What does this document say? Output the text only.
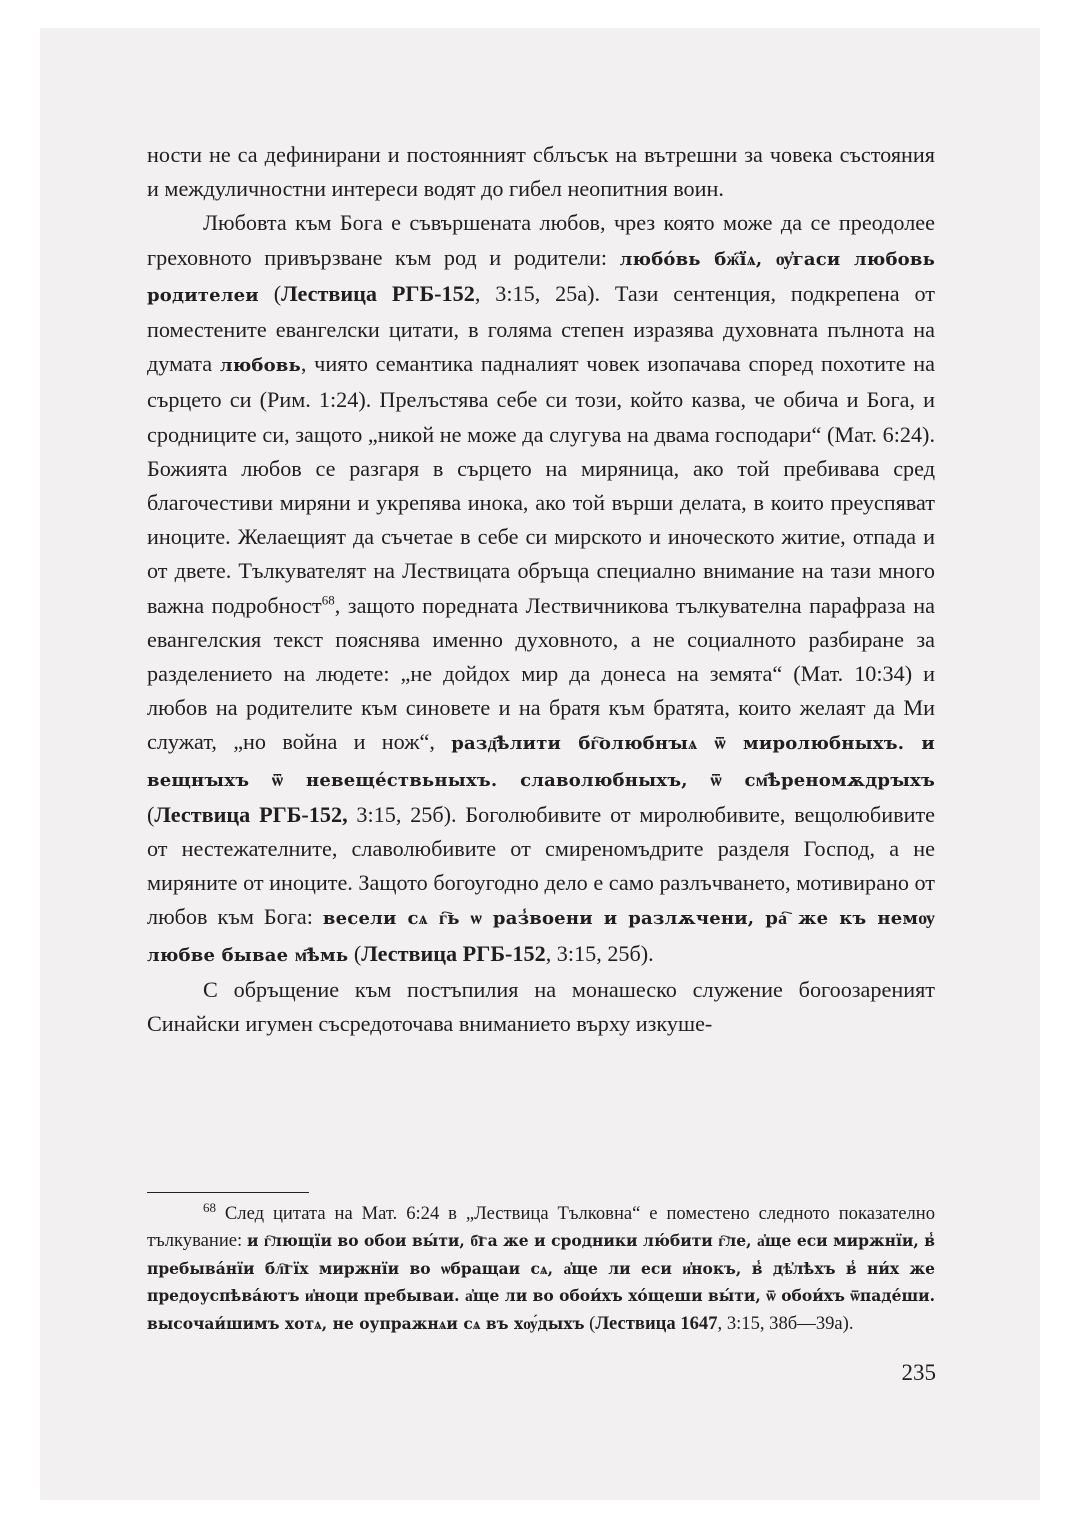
ности не са дефинирани и постоянният сблъсък на вътрешни за човека състояния и междуличностни интереси водят до гибел неопитния воин.

Любовта към Бога е съвършената любов, чрез която може да се преодолее греховното привързване към род и родители: любо́вь бж҇їѧ, ѹ҆гаси любовь родителеи (Лествица РГБ-152, 3:15, 25а). Тази сентенция, подкрепена от поместените евангелски цитати, в голяма степен изразява духовната пълнота на думата любовь, чиято семантика падналият човек изопачава според похотите на сърцето си (Рим. 1:24). Прелъстява себе си този, който казва, че обича и Бога, и сродниците си, защото „никой не може да слугува на двама господари“ (Мат. 6:24). Божията любов се разгаря в сърцето на миряница, ако той пребивава сред благочестиви миряни и укрепява инока, ако той върши делата, в които преуспяват иноците. Желаещият да съчетае в себе си мирското и иноческото житие, отпада и от двете. Тълкувателят на Лествицата обръща специално внимание на тази много важна подробност$^{68}$, защото поредната Лествичникова тълкувателна парафраза на евангелския текст пояснява именно духовното, а не социалното разбиране за разделението на людете: „не дойдох мир да донеса на земята“ (Мат. 10:34) и любов на родителите към синовете и на братя към братята, които желаят да Ми служат, „но война и нож“, разд҄ѣлити бг҇олюбнꙑѧ ѿ миролюбныхъ. и вещнꙑхъ ѿ невеще́ствьныхъ. славолюбныхъ, ѿ см҄ѣреномѫдрꙑхъ (Лествица РГБ-152, 3:15, 25б). Боголюбивите от миролюбивите, вещолюбивите от нестежателните, славолюбивите от смиреномъдрите разделя Господ, а не миряните от иноците. Защото богоугодно дело е само разлъчването, мотивирано от любов към Бога: весели сѧ г҇ь ѡ раз̾воени и разлѫчени, ра҇ же къ немѹ любве бывае м҄ѣмь (Лествица РГБ-152, 3:15, 25б).

С обръщение към постъпилия на монашеско служение богоозареният Синайски игумен съсредоточава вниманието върху изкуше-

$^{68}$ След цитата на Мат. 6:24 в „Лествица Тълковна“ е поместено следното показателно тълкувание: и г҇лющїи во обои вы́ти, б҇га же и сродники лю́бити г҇ле, а҆ще еси миржнїи, в̾ пребыва́нїи бл҇гїх миржнїи во ѡбращаи сѧ, а҆ще ли еси и҆нокъ, в̾ дѣ҆лѣхъ в̾ ни́х же предоуспѣва́ютъ и҆ноци пребываи. а҆ще ли во обои́хъ хо́щеши вы́ти, ѿ обои́хъ ѿпаде́ши. высочаи́шимъ хотѧ, не оупражнѧи сѧ въ хѹ́дыхъ (Лествица 1647, 3:15, 38б—39а).

235
